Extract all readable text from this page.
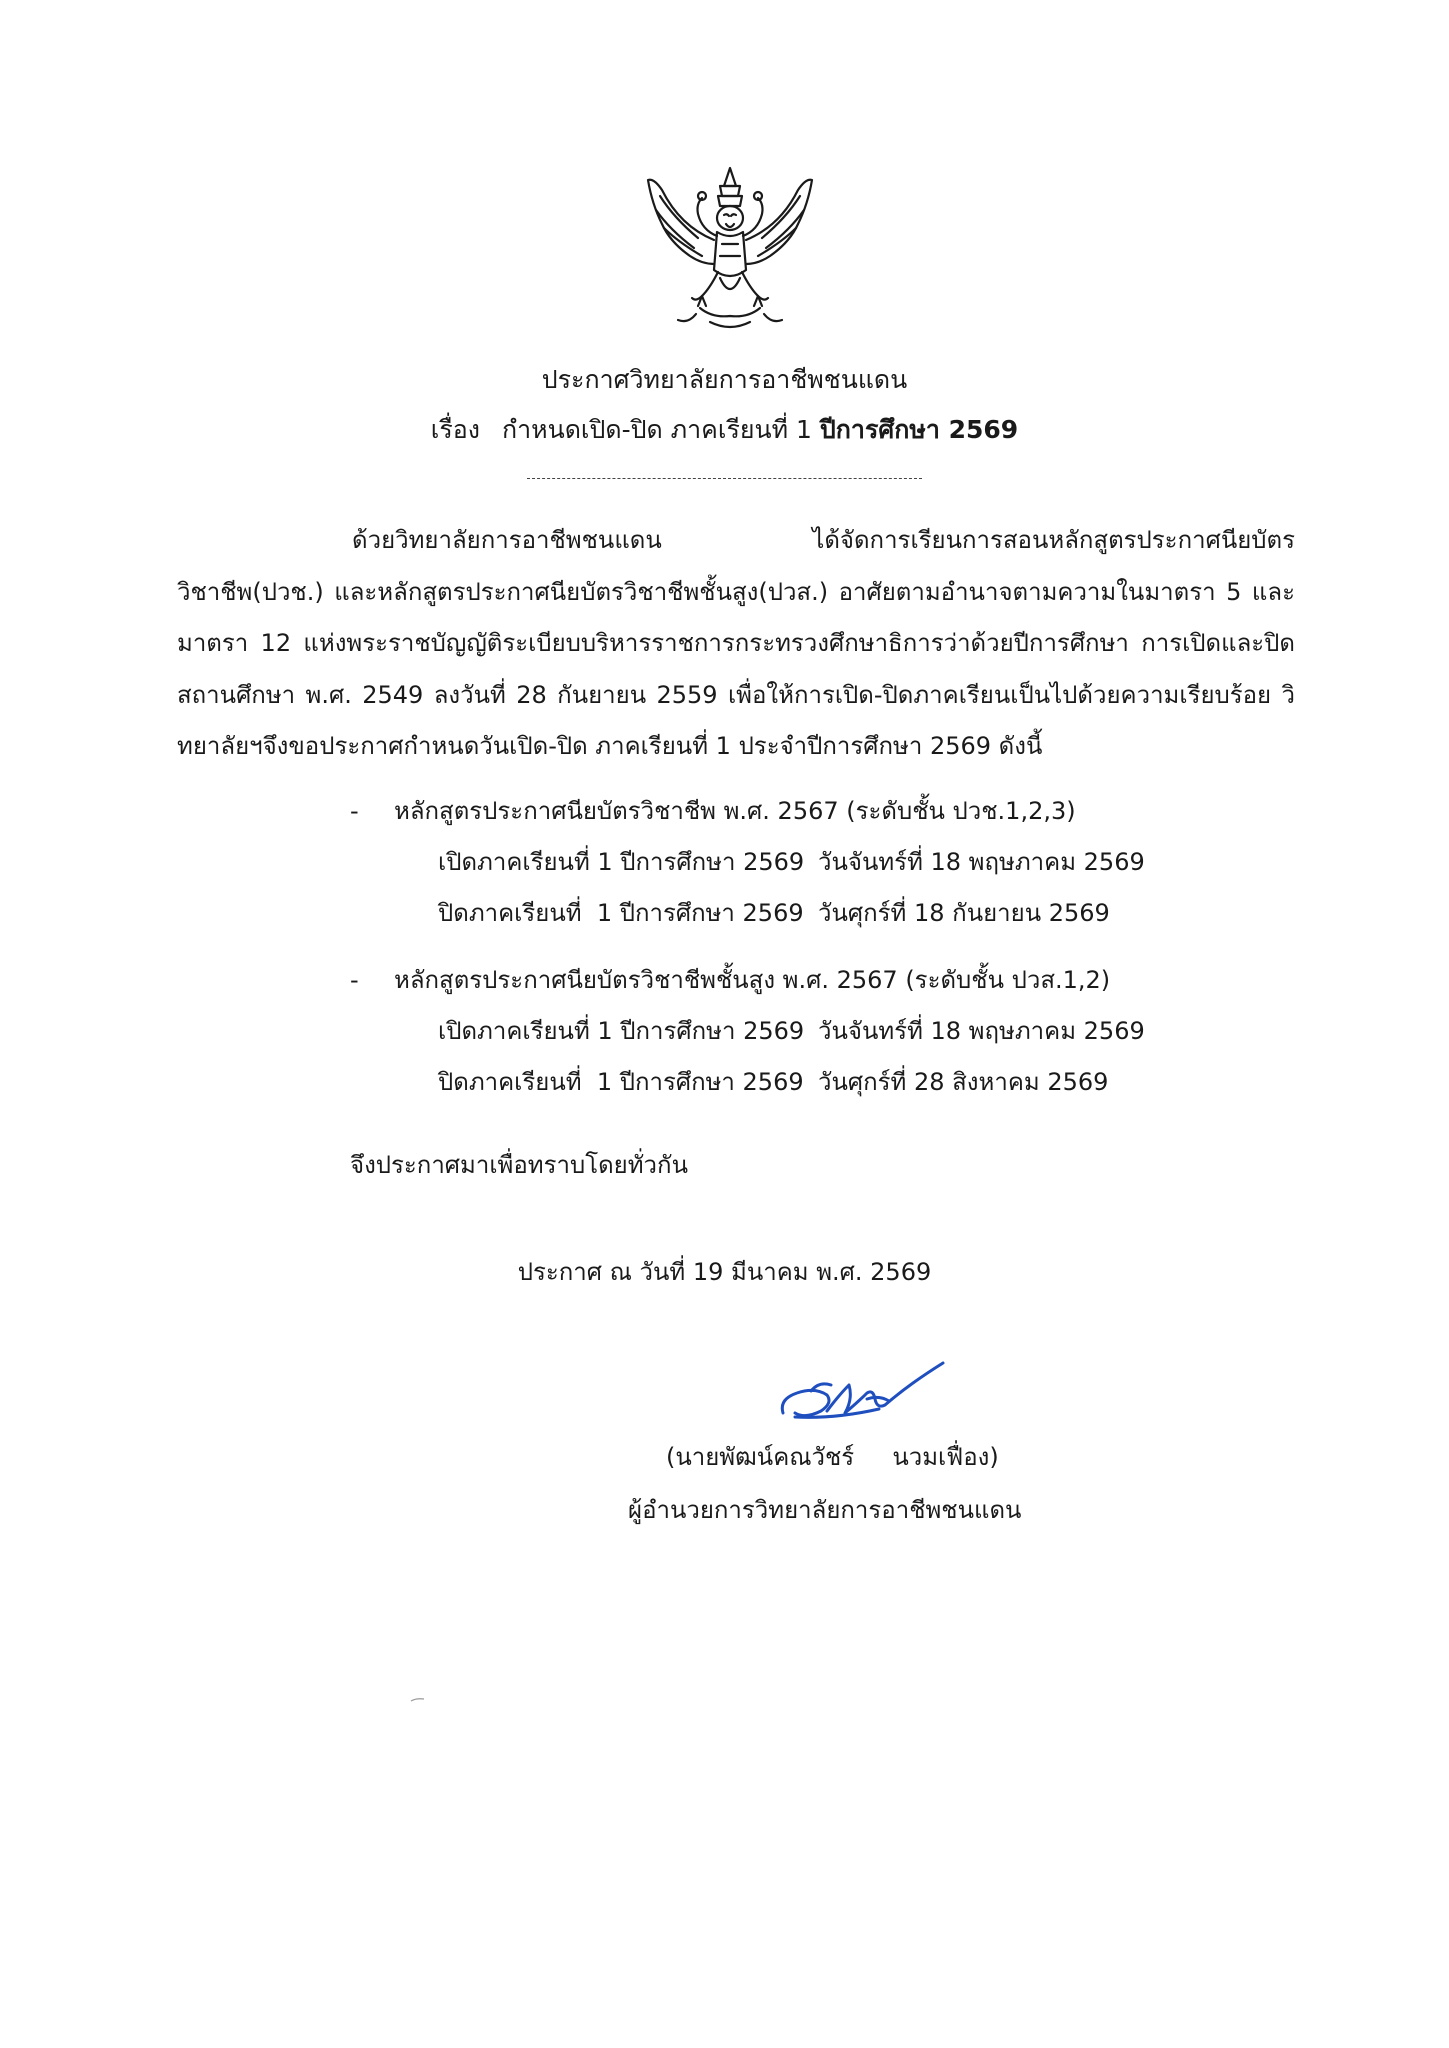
ประกาศวิทยาลัยการอาชีพชนแดน
เรื่อง กำหนดเปิด-ปิด ภาคเรียนที่ 1 ปีการศึกษา 2569
ด้วยวิทยาลัยการอาชีพชนแดน ได้จัดการเรียนการสอนหลักสูตรประกาศนียบัตรวิชาชีพ(ปวช.) และหลักสูตรประกาศนียบัตรวิชาชีพชั้นสูง(ปวส.) อาศัยตามอำนาจตามความในมาตรา 5 และมาตรา 12 แห่งพระราชบัญญัติระเบียบบริหารราชการกระทรวงศึกษาธิการว่าด้วยปีการศึกษา การเปิดและปิดสถานศึกษา พ.ศ. 2549 ลงวันที่ 28 กันยายน 2559 เพื่อให้การเปิด-ปิดภาคเรียนเป็นไปด้วยความเรียบร้อย วิทยาลัยฯจึงขอประกาศกำหนดวันเปิด-ปิด ภาคเรียนที่ 1 ประจำปีการศึกษา 2569 ดังนี้
- หลักสูตรประกาศนียบัตรวิชาชีพ พ.ศ. 2567 (ระดับชั้น ปวช.1,2,3)
เปิดภาคเรียนที่ 1 ปีการศึกษา 2569 วันจันทร์ที่ 18 พฤษภาคม 2569
ปิดภาคเรียนที่  1 ปีการศึกษา 2569 วันศุกร์ที่ 18 กันยายน 2569
- หลักสูตรประกาศนียบัตรวิชาชีพชั้นสูง พ.ศ. 2567 (ระดับชั้น ปวส.1,2)
เปิดภาคเรียนที่ 1 ปีการศึกษา 2569 วันจันทร์ที่ 18 พฤษภาคม 2569
ปิดภาคเรียนที่  1 ปีการศึกษา 2569 วันศุกร์ที่ 28 สิงหาคม 2569
จึงประกาศมาเพื่อทราบโดยทั่วกัน
ประกาศ ณ วันที่ 19 มีนาคม พ.ศ. 2569
(นายพัฒน์คณวัชร์     นวมเฟื่อง)
ผู้อำนวยการวิทยาลัยการอาชีพชนแดน
